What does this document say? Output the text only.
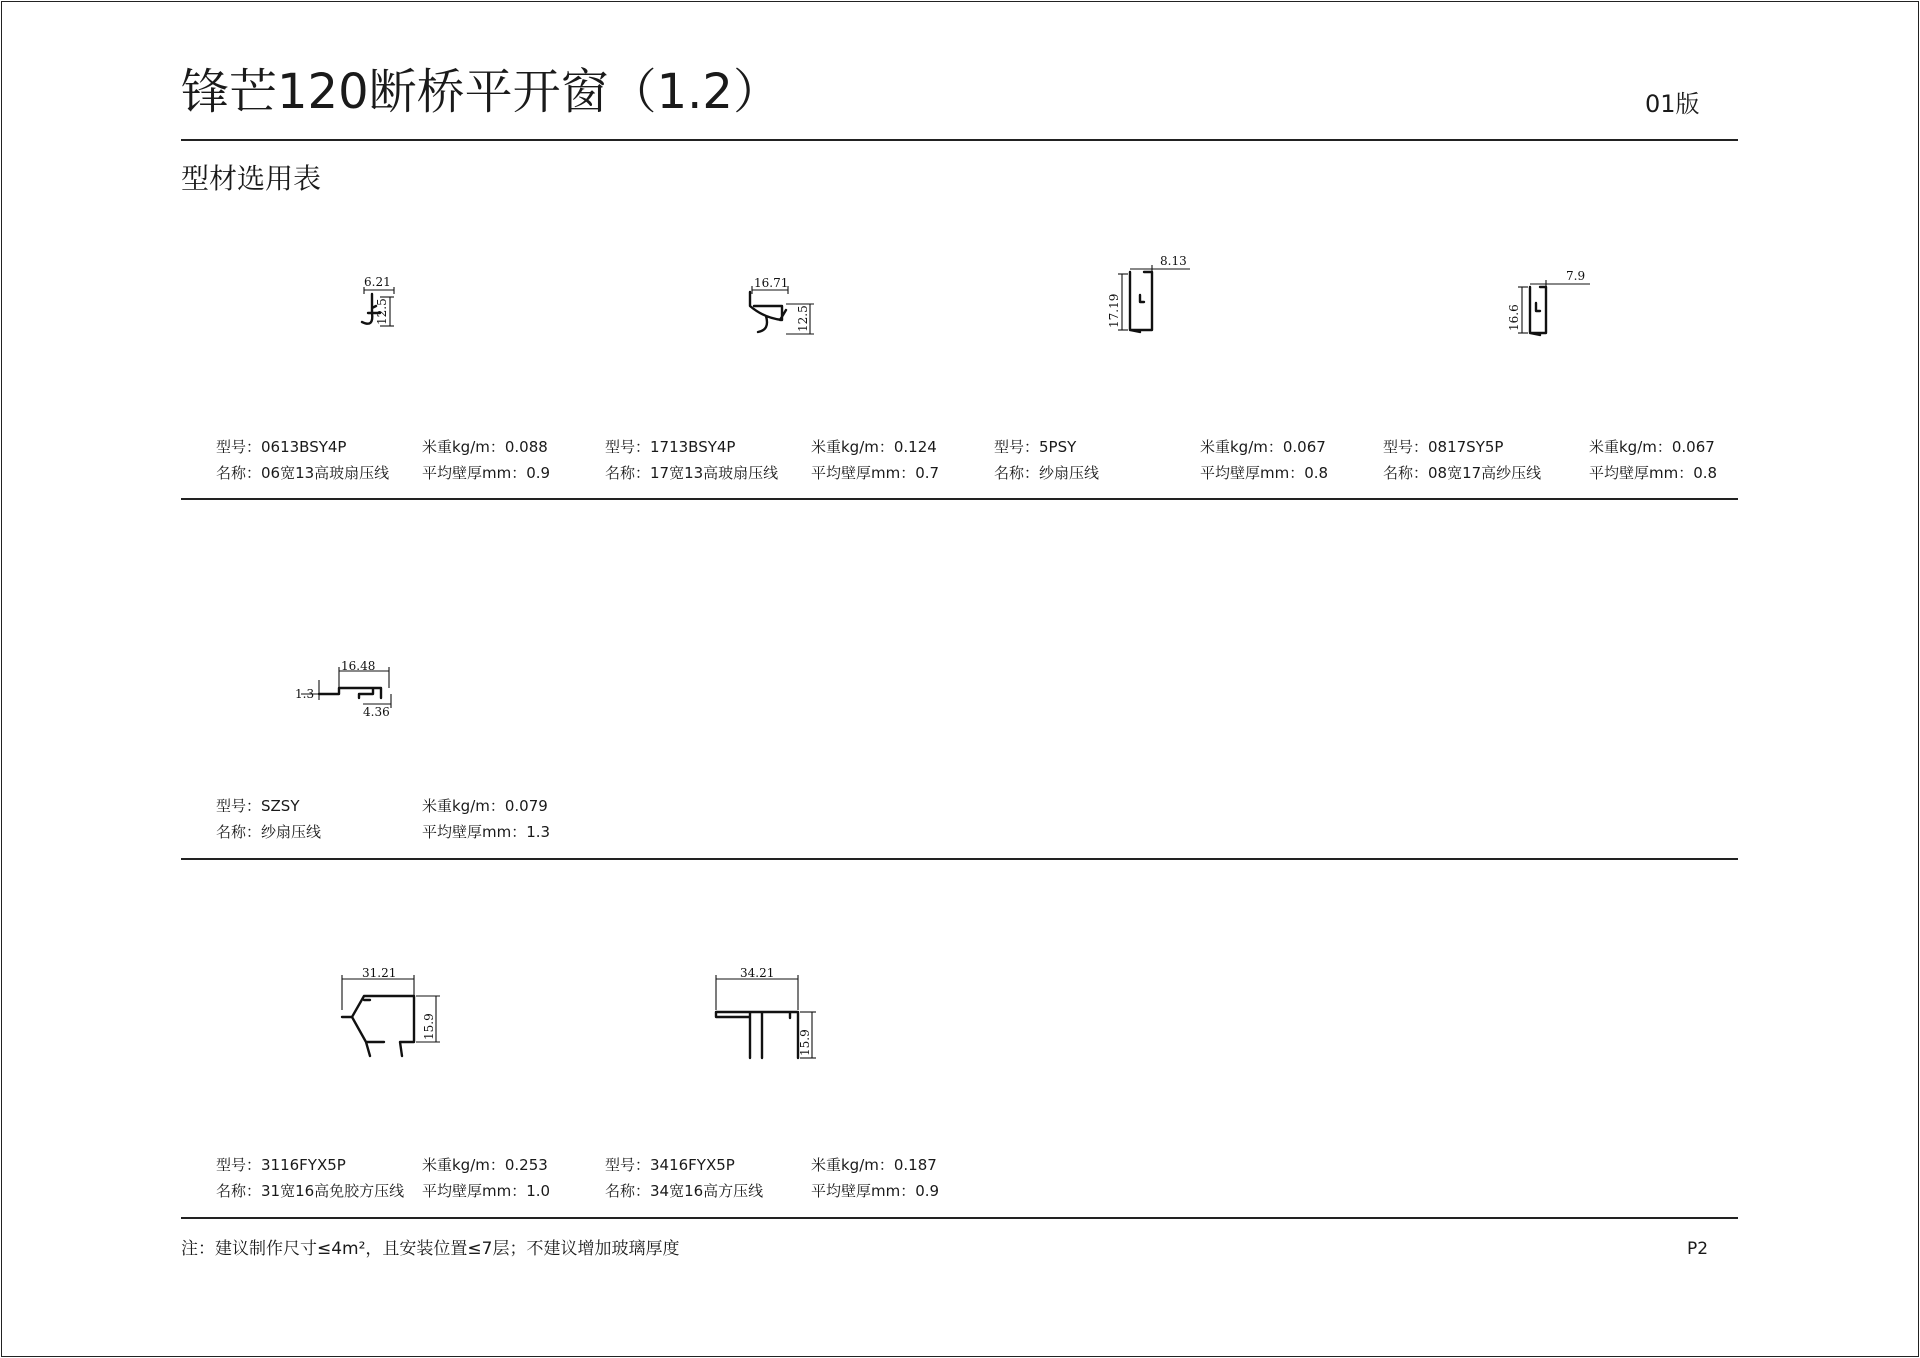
锋芒120断桥平开窗（1.2）	01版
型材选用表
6.21
12.5
16.71
12.5
8.13
17.19
7.9
16.6
16.48
1.3
4.36
31.21
15.9
34.21
15.9
型号：0613BSY4P	米重kg/m：0.088
名称：06宽13高玻扇压线 平均壁厚mm：0.9
型号：1713BSY4P	米重kg/m：0.124
名称：17宽13高玻扇压线 平均壁厚mm：0.7
型号：5PSY	米重kg/m：0.067
名称：纱扇压线	平均壁厚mm：0.8
型号：0817SY5P	米重kg/m：0.067
名称：08宽17高纱压线	平均壁厚mm：0.8
型号：SZSY	米重kg/m：0.079
名称：纱扇压线	平均壁厚mm：1.3
型号：3116FYX5P	米重kg/m：0.253
名称：31宽16高免胶方压线 平均壁厚mm：1.0
型号：3416FYX5P	米重kg/m：0.187
名称：34宽16高方压线	平均壁厚mm：0.9
注：建议制作尺寸≤4m²，且安装位置≤7层；不建议增加玻璃厚度	P2
